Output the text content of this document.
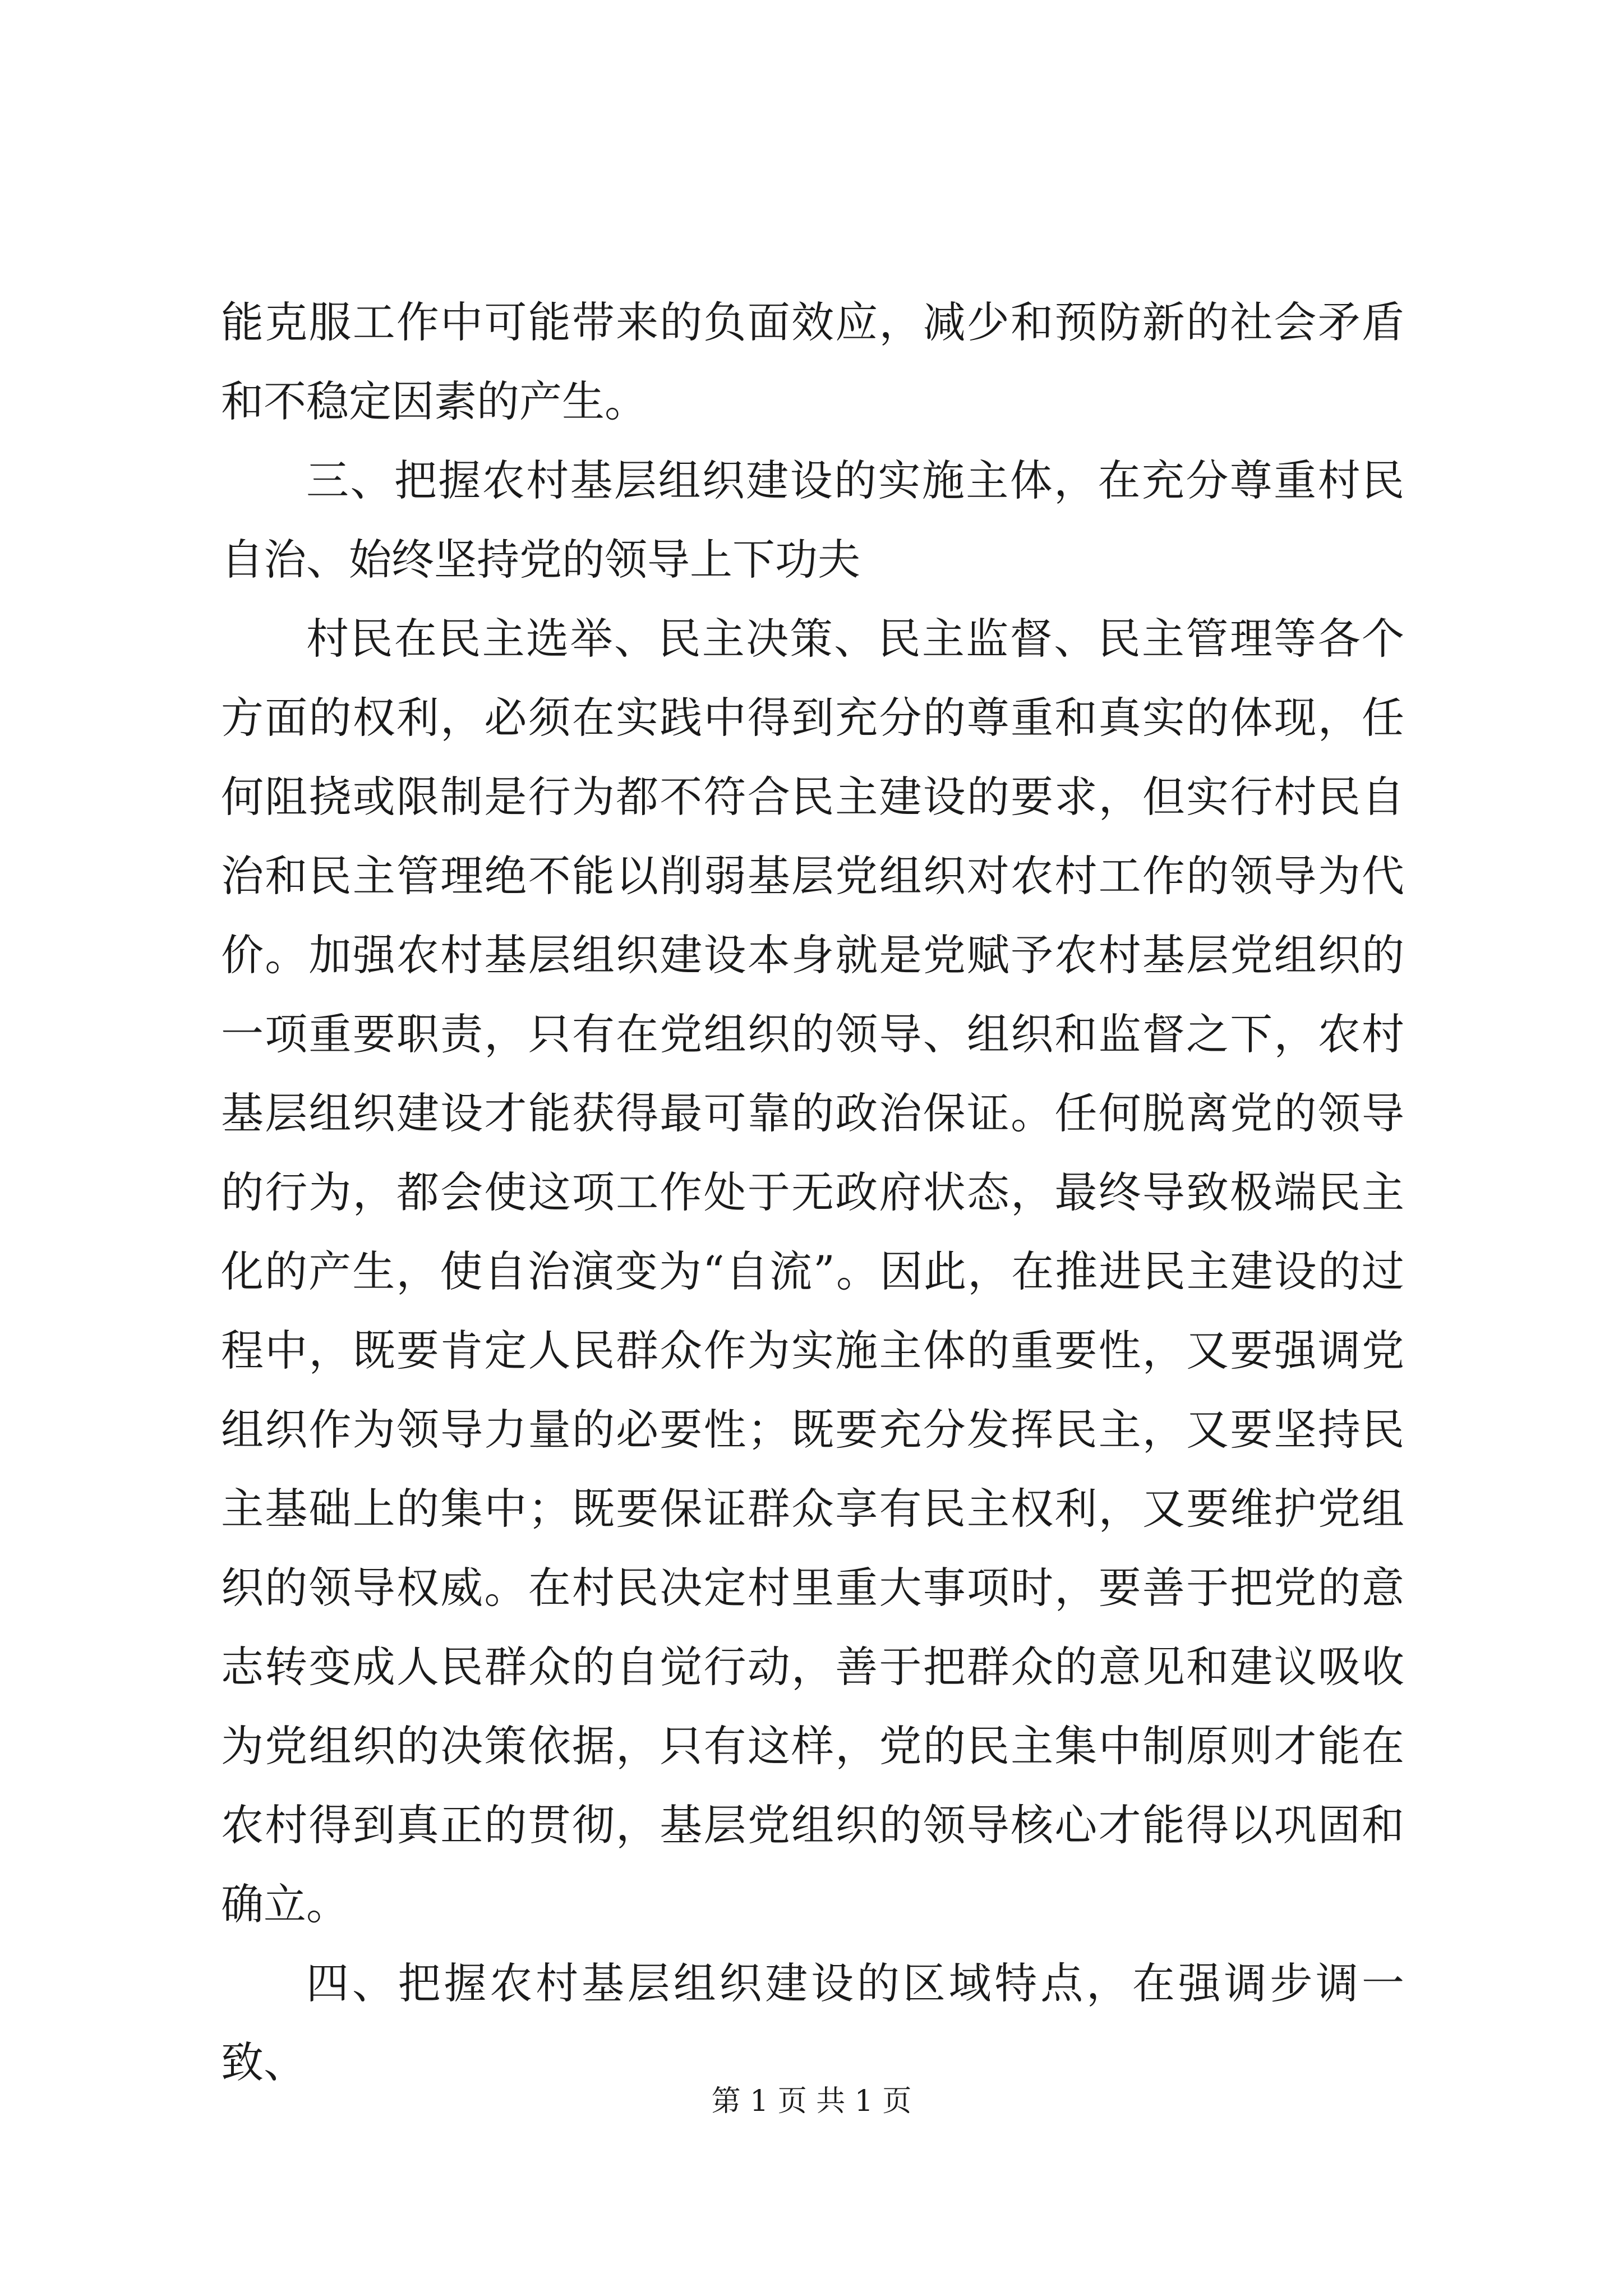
能克服工作中可能带来的负面效应，减少和预防新的社会矛盾和不稳定因素的产生。

三、把握农村基层组织建设的实施主体，在充分尊重村民自治、始终坚持党的领导上下功夫

村民在民主选举、民主决策、民主监督、民主管理等各个方面的权利，必须在实践中得到充分的尊重和真实的体现，任何阻挠或限制是行为都不符合民主建设的要求，但实行村民自治和民主管理绝不能以削弱基层党组织对农村工作的领导为代价。加强农村基层组织建设本身就是党赋予农村基层党组织的一项重要职责，只有在党组织的领导、组织和监督之下，农村基层组织建设才能获得最可靠的政治保证。任何脱离党的领导的行为，都会使这项工作处于无政府状态，最终导致极端民主化的产生，使自治演变为“自流”。因此，在推进民主建设的过程中，既要肯定人民群众作为实施主体的重要性，又要强调党组织作为领导力量的必要性；既要充分发挥民主，又要坚持民主基础上的集中；既要保证群众享有民主权利，又要维护党组织的领导权威。在村民决定村里重大事项时，要善于把党的意志转变成人民群众的自觉行动，善于把群众的意见和建议吸收为党组织的决策依据，只有这样，党的民主集中制原则才能在农村得到真正的贯彻，基层党组织的领导核心才能得以巩固和确立。

四、把握农村基层组织建设的区域特点，在强调步调一致、

第 1 页 共 1 页
